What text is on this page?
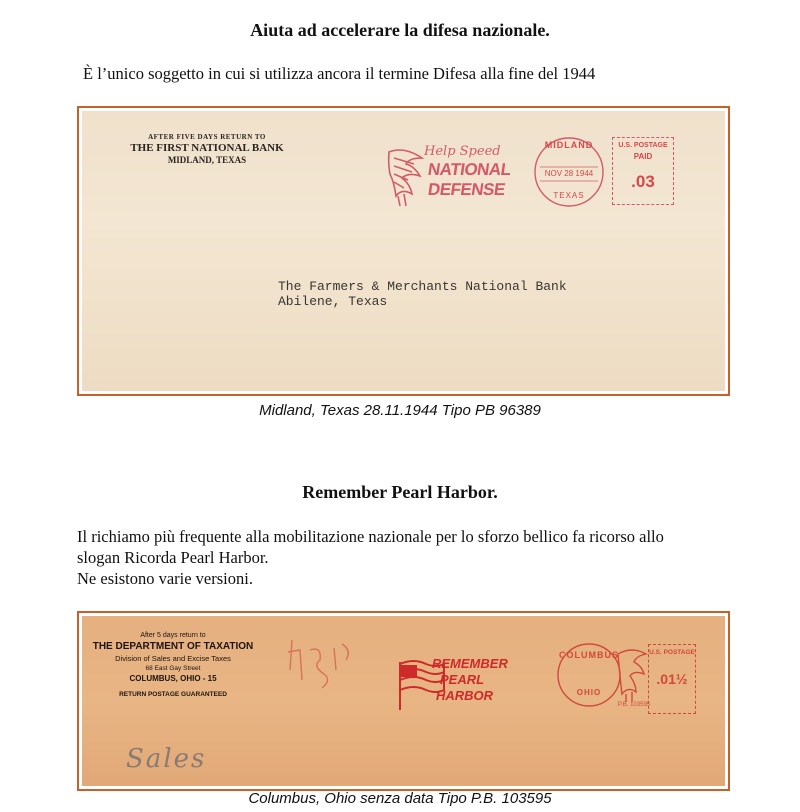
Aiuta ad accelerare la difesa nazionale.
È l’unico soggetto in cui si utilizza ancora il termine Difesa alla fine del 1944
AFTER FIVE DAYS RETURN TO
THE FIRST NATIONAL BANK
MIDLAND, TEXAS
Help Speed
NATIONAL
DEFENSE
MIDLAND
NOV 28 1944
TEXAS
U.S. POSTAGE
PAID
.03
The Farmers & Merchants National Bank
Abilene, Texas
Midland, Texas 28.11.1944 Tipo PB 96389
Remember Pearl Harbor.
Il richiamo più frequente alla mobilitazione nazionale per lo sforzo bellico fa ricorso allo
slogan Ricorda Pearl Harbor.
Ne esistono varie versioni.
After 5 days return to
THE DEPARTMENT OF TAXATION
Division of Sales and Excise Taxes
68 East Gay Street
COLUMBUS, OHIO - 15
RETURN POSTAGE GUARANTEED
REMEMBER
PEARL
HARBOR
COLUMBUS
OHIO
U.S. POSTAGE
.01½
P.B. 103595
Sales
Columbus, Ohio senza data Tipo P.B. 103595
